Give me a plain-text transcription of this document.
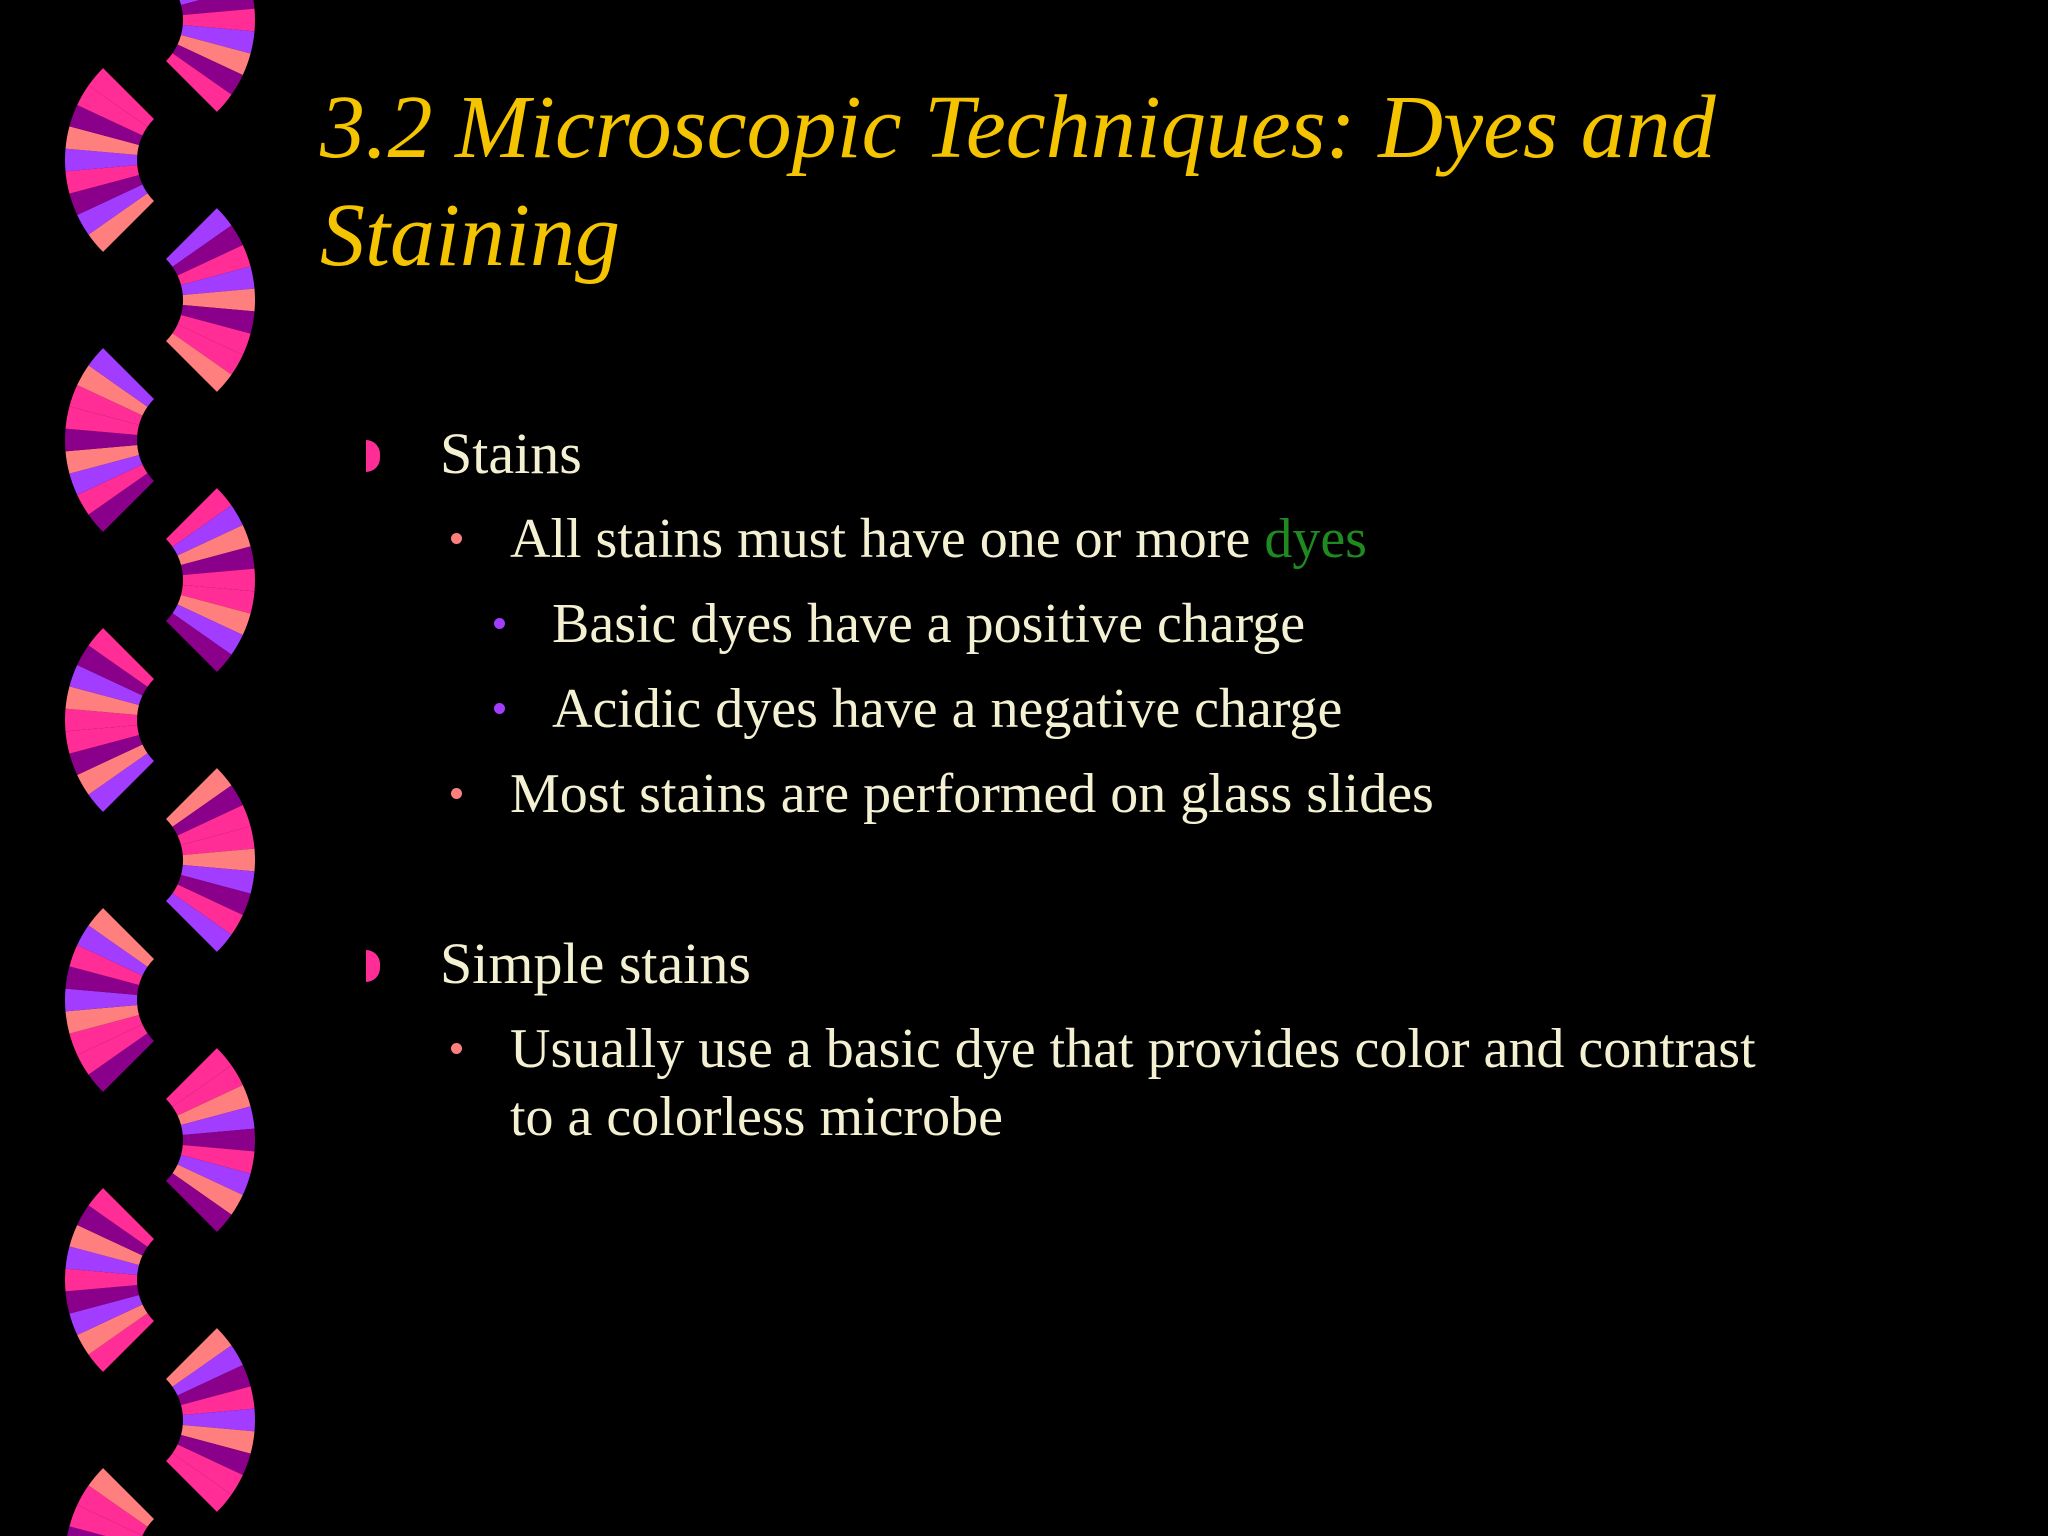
3.2 Microscopic Techniques: Dyes and Staining

Stains

All stains must have one or more dyes

Basic dyes have a positive charge

Acidic dyes have a negative charge

Most stains are performed on glass slides

Simple stains

Usually use a basic dye that provides color and contrast to a colorless microbe
